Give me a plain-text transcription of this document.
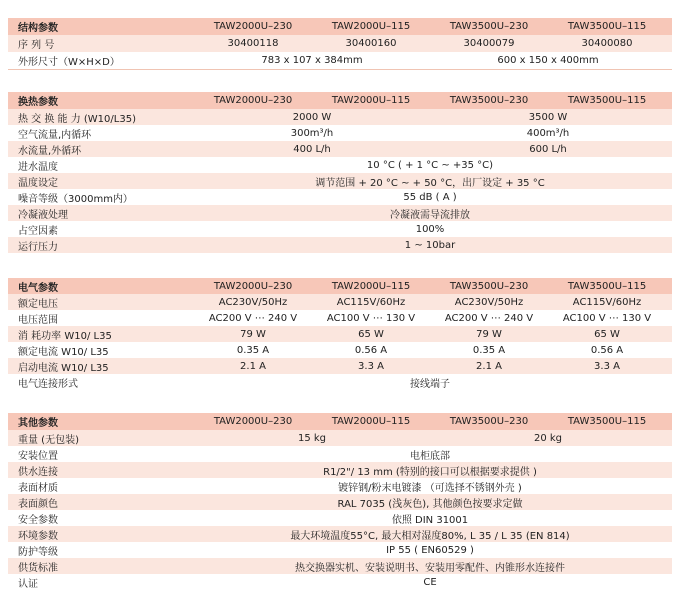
结构参数	TAW2000U–230	TAW2000U–115	TAW3500U–230	TAW3500U–115
序 列 号	30400118	30400160	30400079	30400080
外形尺寸（W×H×D）	783 x 107 x 384mm	600 x 150 x 400mm
换热参数	TAW2000U–230	TAW2000U–115	TAW3500U–230	TAW3500U–115
热 交 换 能 力 (W10/L35)	2000 W	3500 W
空气流量,内循环	300m³/h	400m³/h
水流量,外循环	400 L/h	600 L/h
进水温度	10 °C ( + 1 °C ~ +35 °C)
温度设定	调节范围 + 20 °C ~ + 50 °C，出厂设定 + 35 °C
噪音等级（3000mm内）	55 dB ( A )
冷凝液处理	冷凝液需导流排放
占空因素	100%
运行压力	1 ~ 10bar
电气参数	TAW2000U–230	TAW2000U–115	TAW3500U–230	TAW3500U–115
额定电压	AC230V/50Hz	AC115V/60Hz	AC230V/50Hz	AC115V/60Hz
电压范围	AC200 V ⋯ 240 V	AC100 V ⋯ 130 V	AC200 V ⋯ 240 V	AC100 V ⋯ 130 V
消 耗功率 W10/ L35	79 W	65 W	79 W	65 W
额定电流 W10/ L35	0.35 A	0.56 A	0.35 A	0.56 A
启动电流 W10/ L35	2.1 A	3.3 A	2.1 A	3.3 A
电气连接形式	接线端子
其他参数	TAW2000U–230	TAW2000U–115	TAW3500U–230	TAW3500U–115
重量 (无包装)	15 kg	20 kg
安装位置	电柜底部
供水连接	R1/2"/ 13 mm (特别的接口可以根据要求提供 )
表面材质	镀锌钢/粉末电镀漆 （可选择不锈钢外壳 )
表面颜色	RAL 7035 (浅灰色), 其他颜色按要求定做
安全参数	依照 DIN 31001
环境参数	最大环境温度55°C, 最大相对湿度80%, L 35 / L 35 (EN 814)
防护等级	IP 55 ( EN60529 )
供货标准	热交换器实机、安装说明书、安装用零配件、内锥形水连接件
认证	CE
